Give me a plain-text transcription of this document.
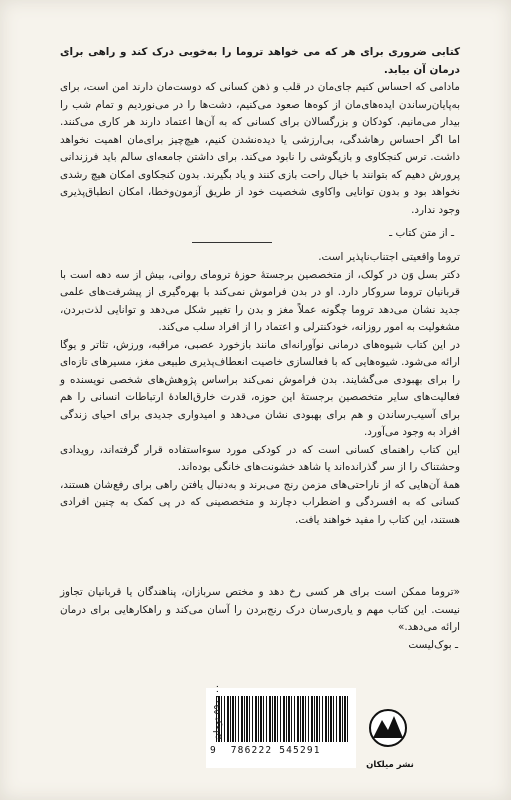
کتابی ضروری برای هر که می خواهد تروما را به‌خوبی درک کند و راهی برای درمان آن بیابد.

مادامی که احساس کنیم جای‌مان در قلب و ذهن کسانی که دوست‌مان دارند امن است، برای به‌پایان‌رساندن ایده‌های‌مان از کوه‌ها صعود می‌کنیم، دشت‌ها را در می‌نوردیم و تمام شب را بیدار می‌مانیم. کودکان و بزرگسالان برای کسانی که به آن‌ها اعتماد دارند هر کاری می‌کنند. اما اگر احساس رهاشدگی، بی‌ارزشی یا دیده‌نشدن کنیم، هیچ‌چیز برای‌مان اهمیت نخواهد داشت. ترس کنجکاوی و بازیگوشی را نابود می‌کند. برای داشتن جامعه‌ای سالم باید فرزندانی پرورش دهیم که بتوانند با خیال راحت بازی کنند و یاد بگیرند. بدون کنجکاوی امکان هیچ رشدی نخواهد بود و بدون توانایی واکاوی شخصیت خود از طریق آزمون‌وخطا، امکان انطباق‌پذیری وجود ندارد.

ـ از متن کتاب ـ

تروما واقعیتی اجتناب‌ناپذیر است.

دکتر بسل وَن در کولک، از متخصصین برجستهٔ حوزهٔ ترومای روانی، بیش از سه دهه است با قربانیان تروما سروکار دارد. او در بدن فراموش نمی‌کند با بهره‌گیری از پیشرفت‌های علمی جدید نشان می‌دهد تروما چگونه عملاً مغز و بدن را تغییر شکل می‌دهد و توانایی لذت‌بردن، مشغولیت به امور روزانه، خودکنترلی و اعتماد را از افراد سلب می‌کند.

در این کتاب شیوه‌های درمانی نوآورانه‌ای مانند بازخورد عصبی، مراقبه، ورزش، تئاتر و یوگا ارائه می‌شود. شیوه‌هایی که با فعالسازی خاصیت انعطاف‌پذیری طبیعی مغز، مسیرهای تازه‌ای را برای بهبودی می‌گشایند. بدن فراموش نمی‌کند براساس پژوهش‌های شخصی نویسنده و فعالیت‌های سایر متخصصین برجستهٔ این حوزه، قدرت خارق‌العادهٔ ارتباطات انسانی را هم برای آسیب‌رساندن و هم برای بهبودی نشان می‌دهد و امیدواری جدیدی برای احیای زندگی افراد به وجود می‌آورد.

این کتاب راهنمای کسانی است که در کودکی مورد سوءاستفاده قرار گرفته‌اند، رویدادی وحشتناک را از سر گذرانده‌اند یا شاهد خشونت‌های خانگی بوده‌اند.

همهٔ آن‌هایی که از ناراحتی‌های مزمن رنج می‌برند و به‌دنبال یافتن راهی برای رفع‌شان هستند، کسانی که به افسردگی و اضطراب دچارند و متخصصینی که در پی کمک به چنین افرادی هستند، این کتاب را مفید خواهند یافت.

«تروما ممکن است برای هر کسی رخ دهد و مختص سربازان، پناهندگان یا قربانیان تجاوز نیست. این کتاب مهم و یاری‌رسان درک رنج‌بردن را آسان می‌کند و راهکارهایی برای درمان ارائه می‌دهد.»

ـ بوک‌لیست

9 786222 545291
۵۹۰۰۰۰ تومان
نشر میلکان
